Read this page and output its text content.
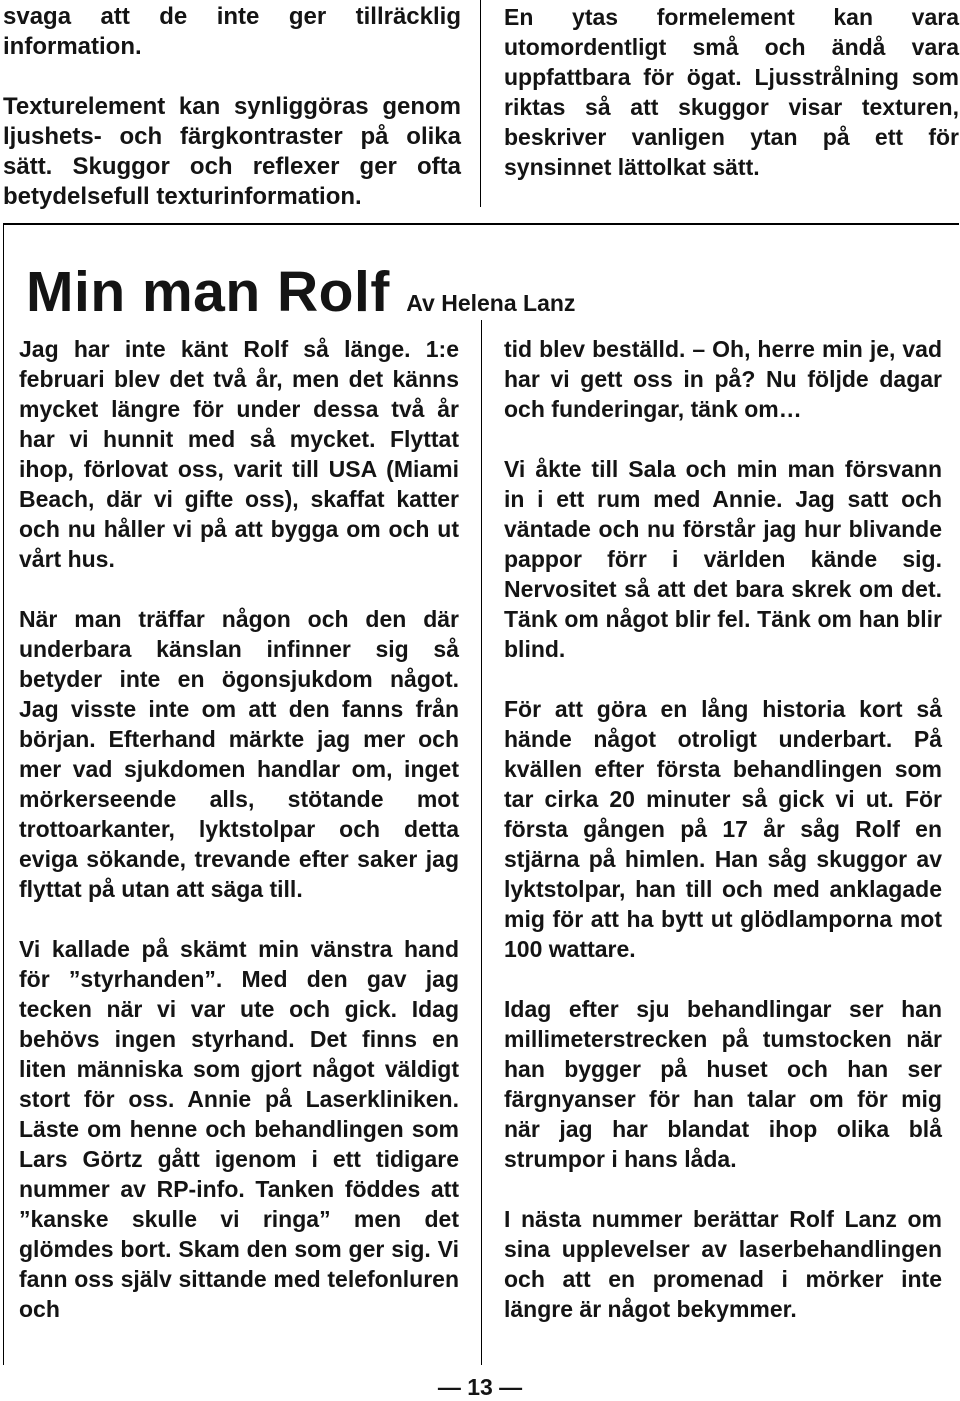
svaga att de inte ger tillräcklig information.

Texturelement kan synliggöras genom ljushets- och färgkontraster på olika sätt. Skuggor och reflexer ger ofta betydelsefull texturinformation.

En ytas formelement kan vara utomordentligt små och ändå vara uppfattbara för ögat. Ljusstrålning som riktas så att skuggor visar texturen, beskriver vanligen ytan på ett för synsinnet lättolkat sätt.

Min man Rolf Av Helena Lanz

Jag har inte känt Rolf så länge. 1:e februari blev det två år, men det känns mycket längre för under dessa två år har vi hunnit med så mycket. Flyttat ihop, förlovat oss, varit till USA (Miami Beach, där vi gifte oss), skaffat katter och nu håller vi på att bygga om och ut vårt hus.

När man träffar någon och den där underbara känslan infinner sig så betyder inte en ögonsjukdom något. Jag visste inte om att den fanns från början. Efterhand märkte jag mer och mer vad sjukdomen handlar om, inget mörkerseende alls, stötande mot trottoarkanter, lyktstolpar och detta eviga sökande, trevande efter saker jag flyttat på utan att säga till.

Vi kallade på skämt min vänstra hand för ”styrhanden”. Med den gav jag tecken när vi var ute och gick. Idag behövs ingen styrhand. Det finns en liten människa som gjort något väldigt stort för oss. Annie på Laserkliniken. Läste om henne och behandlingen som Lars Görtz gått igenom i ett tidigare nummer av RP-info. Tanken föddes att ”kanske skulle vi ringa” men det glömdes bort. Skam den som ger sig. Vi fann oss själv sittande med telefonluren och

tid blev beställd. – Oh, herre min je, vad har vi gett oss in på? Nu följde dagar och funderingar, tänk om…

Vi åkte till Sala och min man försvann in i ett rum med Annie. Jag satt och väntade och nu förstår jag hur blivande pappor förr i världen kände sig. Nervositet så att det bara skrek om det. Tänk om något blir fel. Tänk om han blir blind.

För att göra en lång historia kort så hände något otroligt underbart. På kvällen efter första behandlingen som tar cirka 20 minuter så gick vi ut. För första gången på 17 år såg Rolf en stjärna på himlen. Han såg skuggor av lyktstolpar, han till och med anklagade mig för att ha bytt ut glödlamporna mot 100 wattare.

Idag efter sju behandlingar ser han millimeterstrecken på tumstocken när han bygger på huset och han ser färgnyanser för han talar om för mig när jag har blandat ihop olika blå strumpor i hans låda.

I nästa nummer berättar Rolf Lanz om sina upplevelser av laserbehandlingen och att en promenad i mörker inte längre är något bekymmer.

— 13 —
